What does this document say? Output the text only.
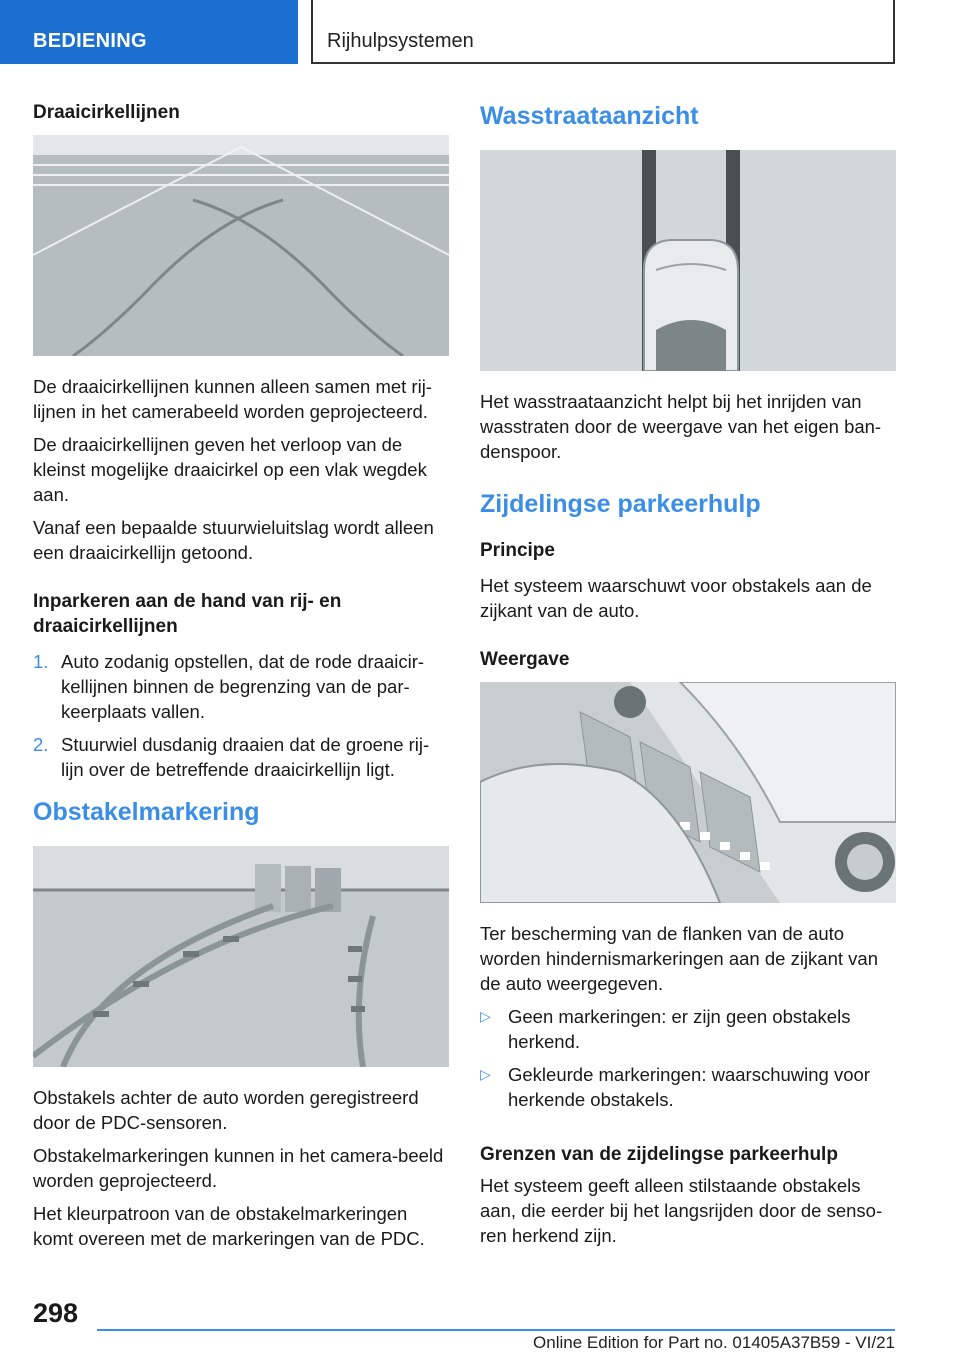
BEDIENING	Rijhulpsystemen
Draaicirkellijnen

De draaicirkellijnen kunnen alleen samen met rij-lijnen in het camerabeeld worden geprojecteerd.

De draaicirkellijnen geven het verloop van de kleinst mogelijke draaicirkel op een vlak wegdek aan.

Vanaf een bepaalde stuurwieluitslag wordt alleen een draaicirkellijn getoond.

Inparkeren aan de hand van rij- en draaicirkellijnen
1. Auto zodanig opstellen, dat de rode draaicir-kellijnen binnen de begrenzing van de par-keerplaats vallen.
2. Stuurwiel dusdanig draaien dat de groene rij-lijn over de betreffende draaicirkellijn ligt.
Obstakelmarkering

Obstakels achter de auto worden geregistreerd door de PDC-sensoren.

Obstakelmarkeringen kunnen in het camera-beeld worden geprojecteerd.

Het kleurpatroon van de obstakelmarkeringen komt overeen met de markeringen van de PDC.

Wasstraataanzicht

Het wasstraataanzicht helpt bij het inrijden van wasstraten door de weergave van het eigen ban-denspoor.

Zijdelingse parkeerhulp
Principe

Het systeem waarschuwt voor obstakels aan de zijkant van de auto.

Weergave

Ter bescherming van de flanken van de auto worden hindernismarkeringen aan de zijkant van de auto weergegeven.

▷ Geen markeringen: er zijn geen obstakels herkend.
▷ Gekleurde markeringen: waarschuwing voor herkende obstakels.
Grenzen van de zijdelingse parkeerhulp

Het systeem geeft alleen stilstaande obstakels aan, die eerder bij het langsrijden door de senso-ren herkend zijn.

298
Online Edition for Part no. 01405A37B59 - VI/21
